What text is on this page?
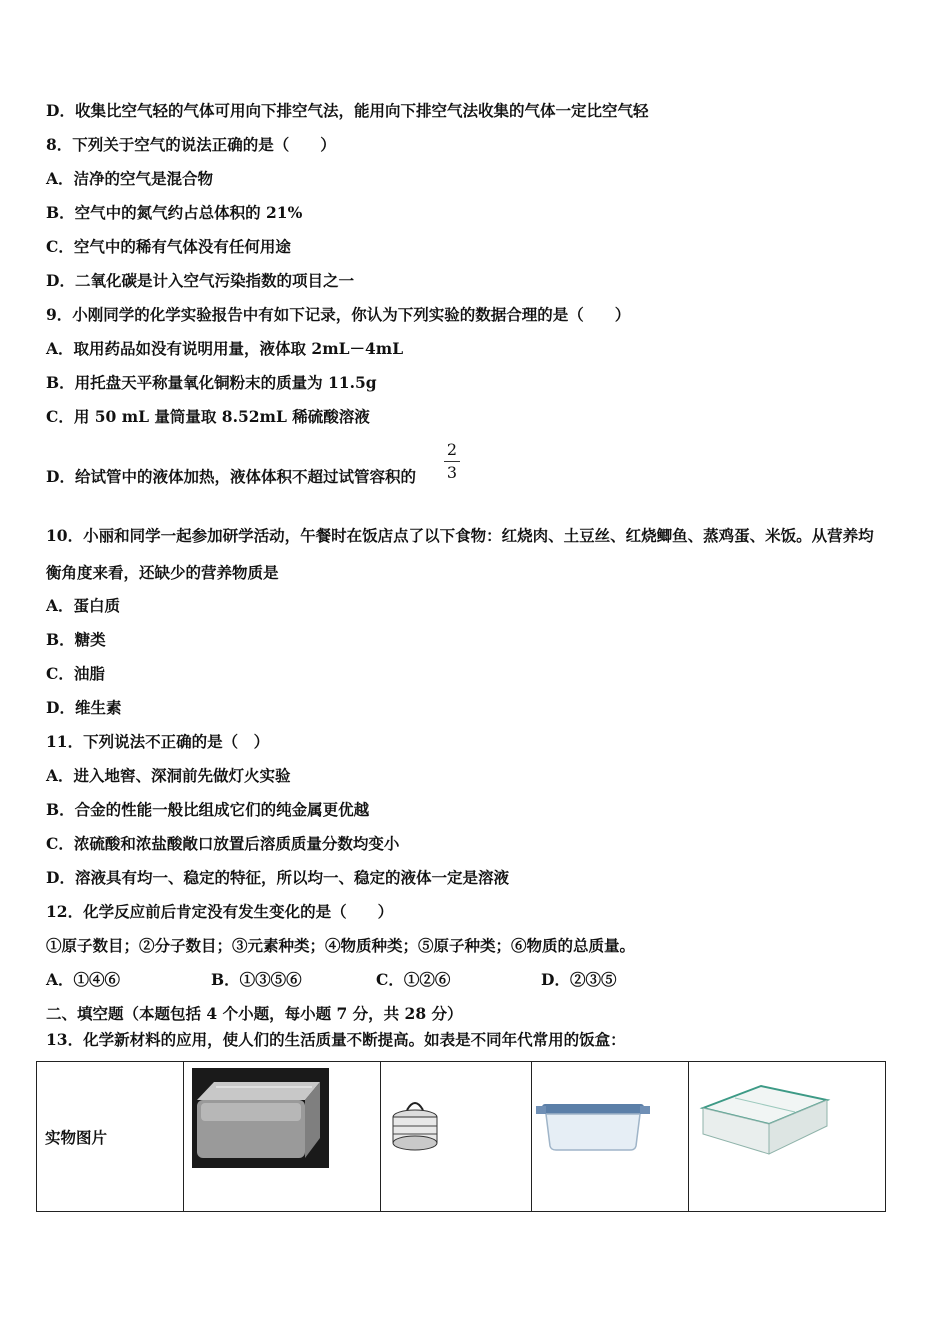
D．收集比空气轻的气体可用向下排空气法，能用向下排空气法收集的气体一定比空气轻
8．下列关于空气的说法正确的是（　　）
A．洁净的空气是混合物
B．空气中的氮气约占总体积的 21%
C．空气中的稀有气体没有任何用途
D．二氧化碳是计入空气污染指数的项目之一
9．小刚同学的化学实验报告中有如下记录，你认为下列实验的数据合理的是（　　）
A．取用药品如没有说明用量，液体取 2mL－4mL
B．用托盘天平称量氧化铜粉末的质量为 11.5g
C．用 50 mL 量筒量取 8.52mL 稀硫酸溶液
D．给试管中的液体加热，液体体积不超过试管容积的
2
3
10．小丽和同学一起参加研学活动，午餐时在饭店点了以下食物：红烧肉、土豆丝、红烧鲫鱼、蒸鸡蛋、米饭。从营养均
衡角度来看，还缺少的营养物质是
A．蛋白质
B．糖类
C．油脂
D．维生素
11．下列说法不正确的是（　）
A．进入地窖、深洞前先做灯火实验
B．合金的性能一般比组成它们的纯金属更优越
C．浓硫酸和浓盐酸敞口放置后溶质质量分数均变小
D．溶液具有均一、稳定的特征，所以均一、稳定的液体一定是溶液
12．化学反应前后肯定没有发生变化的是（　　）
①原子数目；②分子数目；③元素种类；④物质种类；⑤原子种类；⑥物质的总质量。
A．①④⑥	B．①③⑤⑥	C．①②⑥	D．②③⑤
二、填空题（本题包括 4 个小题，每小题 7 分，共 28 分）
13．化学新材料的应用，使人们的生活质量不断提高。如表是不同年代常用的饭盒：
实物图片				
